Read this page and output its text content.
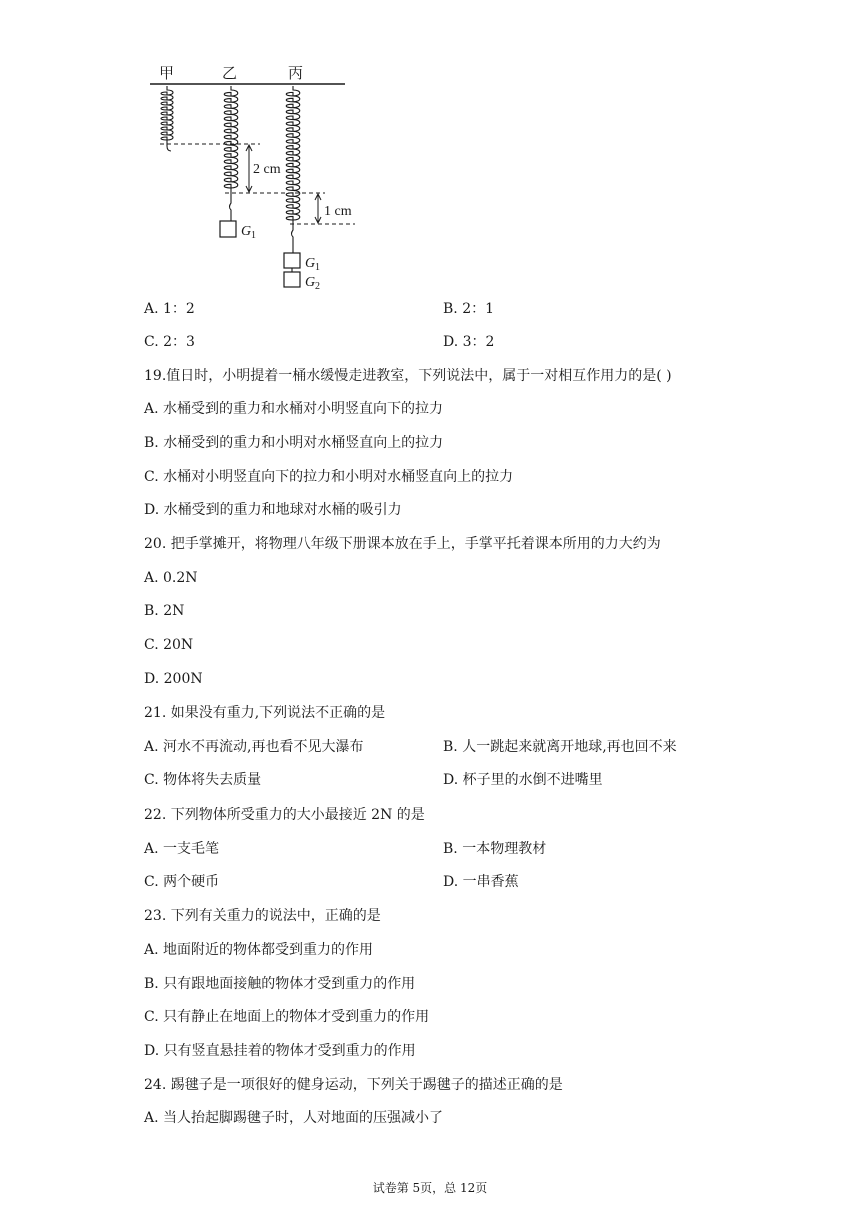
甲	乙	丙
2 cm
1 cm
G 1
G 1
G 2
A. 1：2	B. 2：1
C. 2：3	D. 3：2
19.值日时，小明提着一桶水缓慢走进教室，下列说法中，属于一对相互作用力的是( )
A. 水桶受到的重力和水桶对小明竖直向下的拉力
B. 水桶受到的重力和小明对水桶竖直向上的拉力
C. 水桶对小明竖直向下的拉力和小明对水桶竖直向上的拉力
D. 水桶受到的重力和地球对水桶的吸引力
20. 把手掌摊开，将物理八年级下册课本放在手上，手掌平托着课本所用的力大约为
A. 0.2N
B. 2N
C. 20N
D. 200N
21. 如果没有重力,下列说法不正确的是
A. 河水不再流动,再也看不见大瀑布	B. 人一跳起来就离开地球,再也回不来
C. 物体将失去质量	D. 杯子里的水倒不进嘴里
22. 下列物体所受重力的大小最接近 2N 的是
A. 一支毛笔	B. 一本物理教材
C. 两个硬币	D. 一串香蕉
23. 下列有关重力的说法中，正确的是
A. 地面附近的物体都受到重力的作用
B. 只有跟地面接触的物体才受到重力的作用
C. 只有静止在地面上的物体才受到重力的作用
D. 只有竖直悬挂着的物体才受到重力的作用
24. 踢毽子是一项很好的健身运动，下列关于踢毽子的描述正确的是
A. 当人抬起脚踢毽子时，人对地面的压强减小了
试卷第 5页，总 12页
